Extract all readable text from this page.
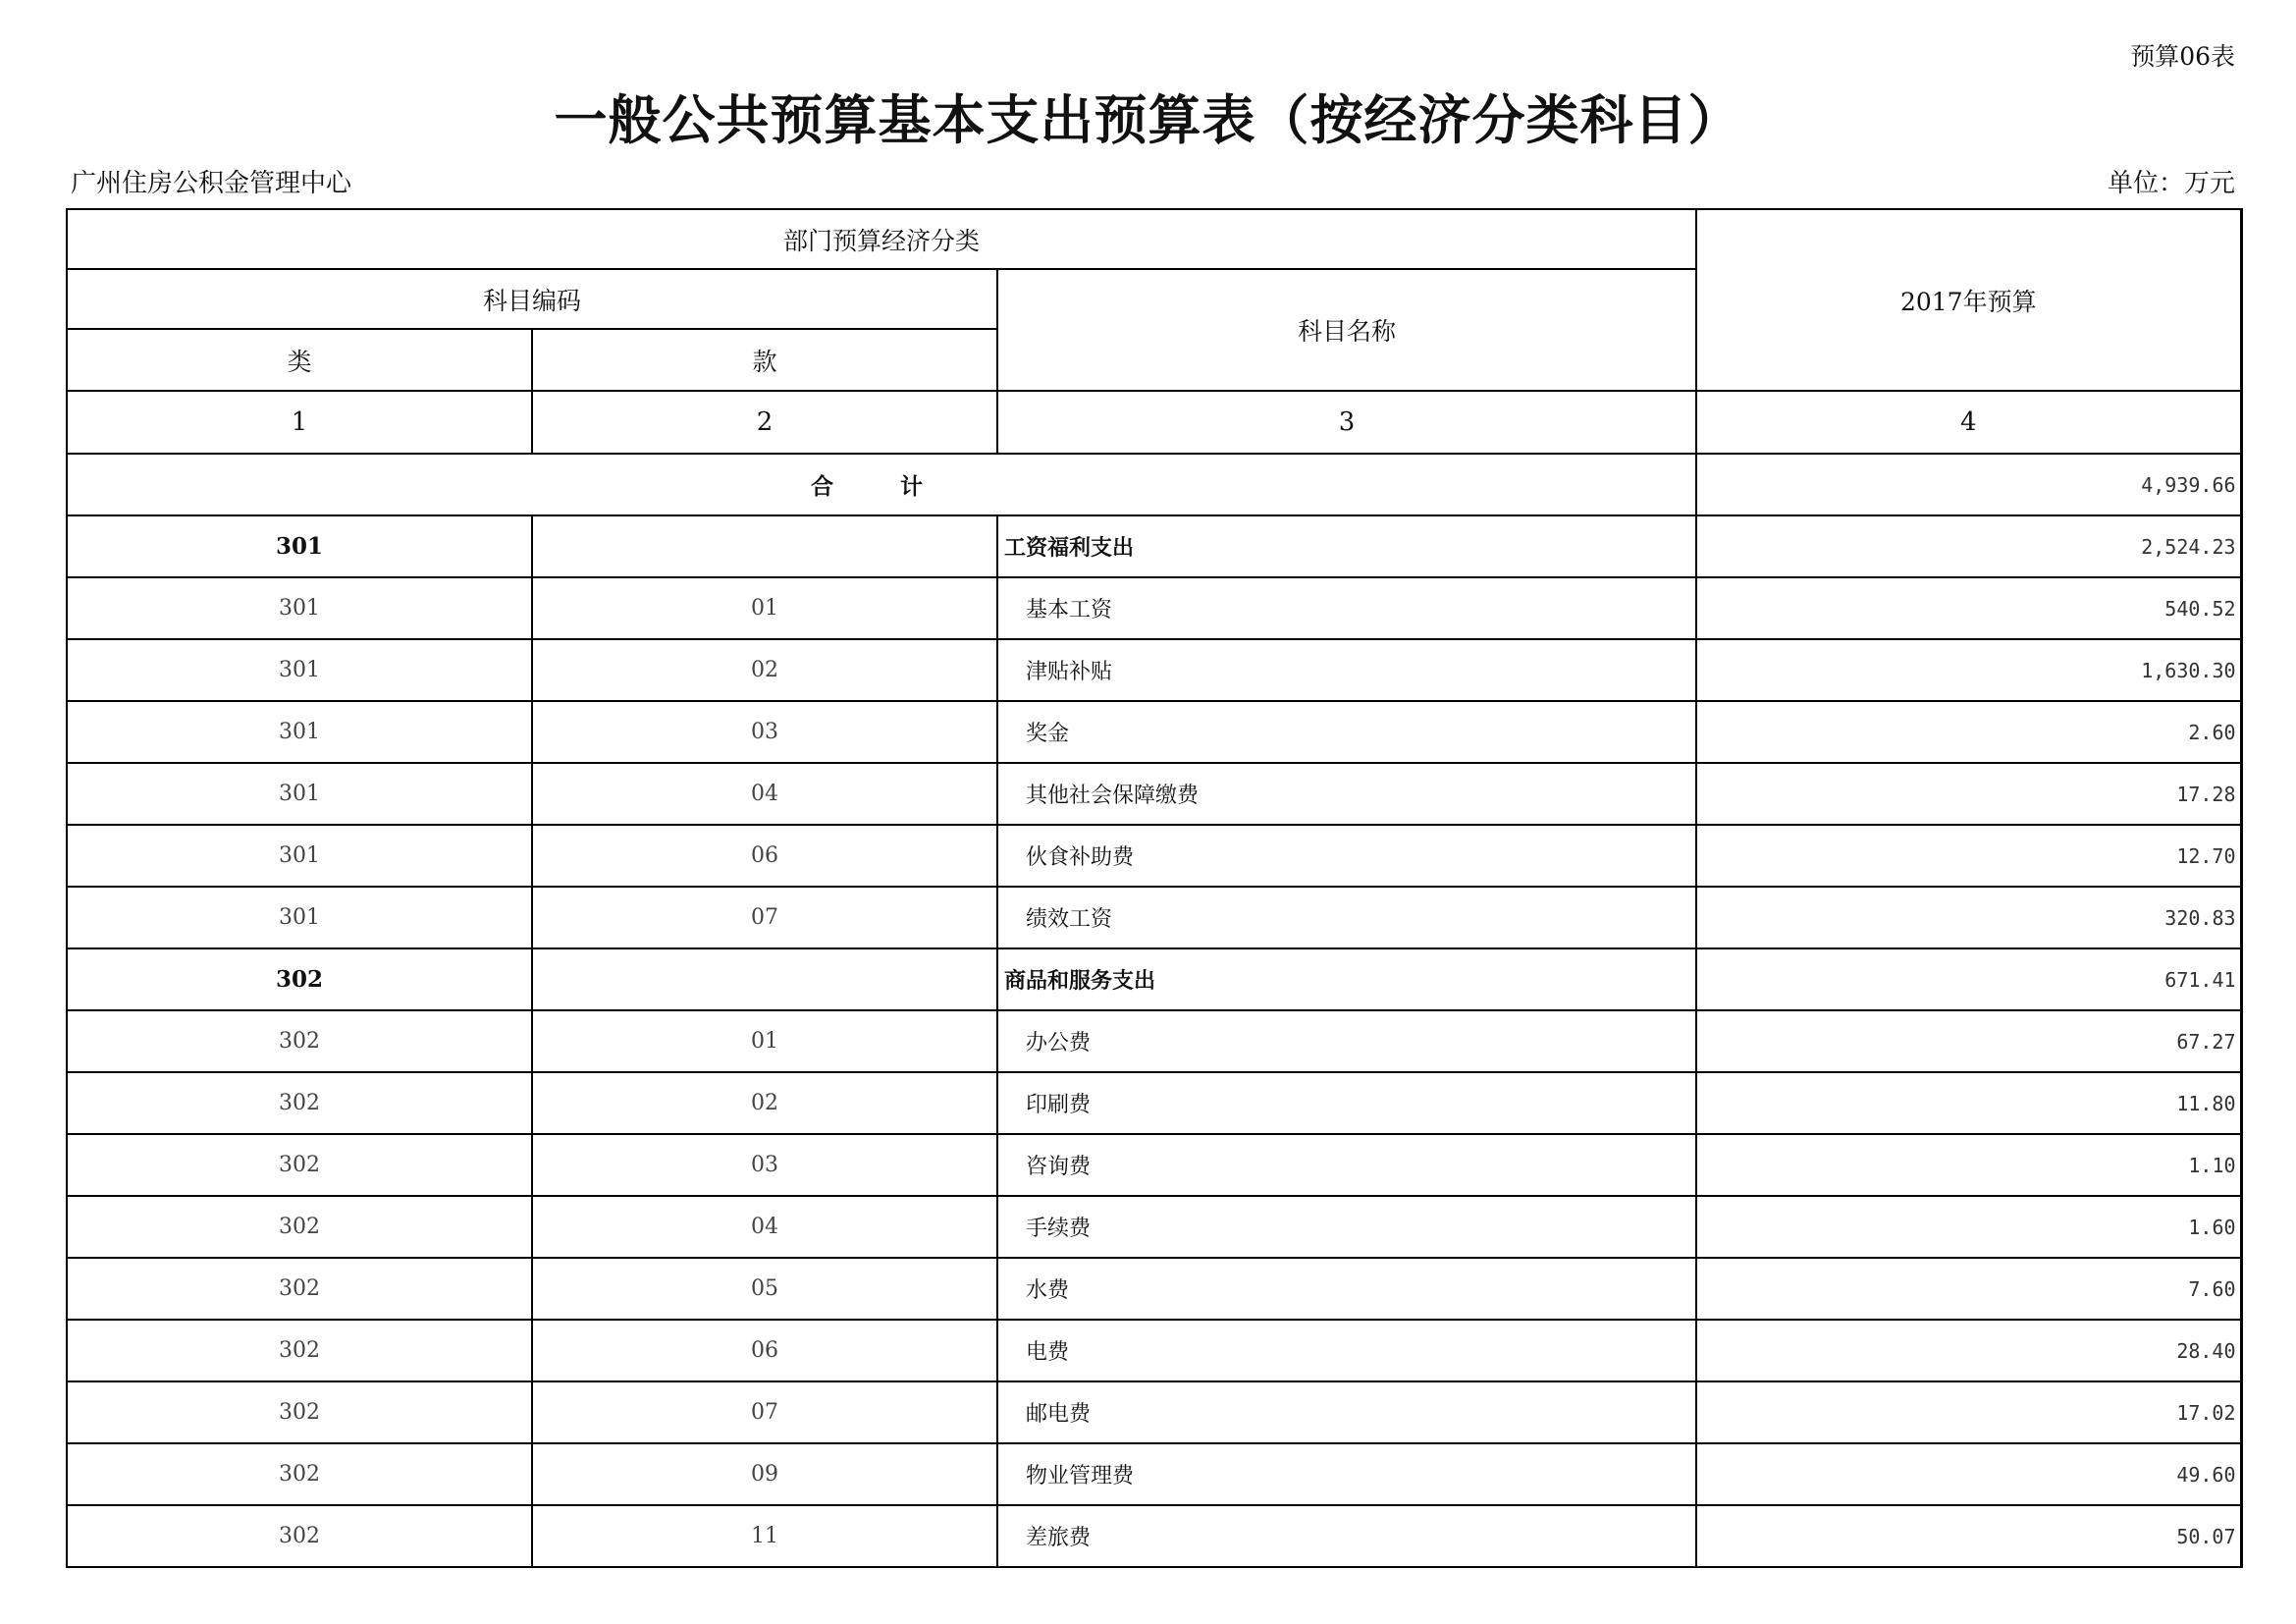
预算06表
一般公共预算基本支出预算表（按经济分类科目）
广州住房公积金管理中心	单位：万元
部门预算经济分类			2017年预算
科目编码		科目名称	
类	款		
1	2	3	4
合 计			4,939.66
301		工资福利支出	2,524.23
301	01	基本工资	540.52
301	02	津贴补贴	1,630.30
301	03	奖金	2.60
301	04	其他社会保障缴费	17.28
301	06	伙食补助费	12.70
301	07	绩效工资	320.83
302		商品和服务支出	671.41
302	01	办公费	67.27
302	02	印刷费	11.80
302	03	咨询费	1.10
302	04	手续费	1.60
302	05	水费	7.60
302	06	电费	28.40
302	07	邮电费	17.02
302	09	物业管理费	49.60
302	11	差旅费	50.07
